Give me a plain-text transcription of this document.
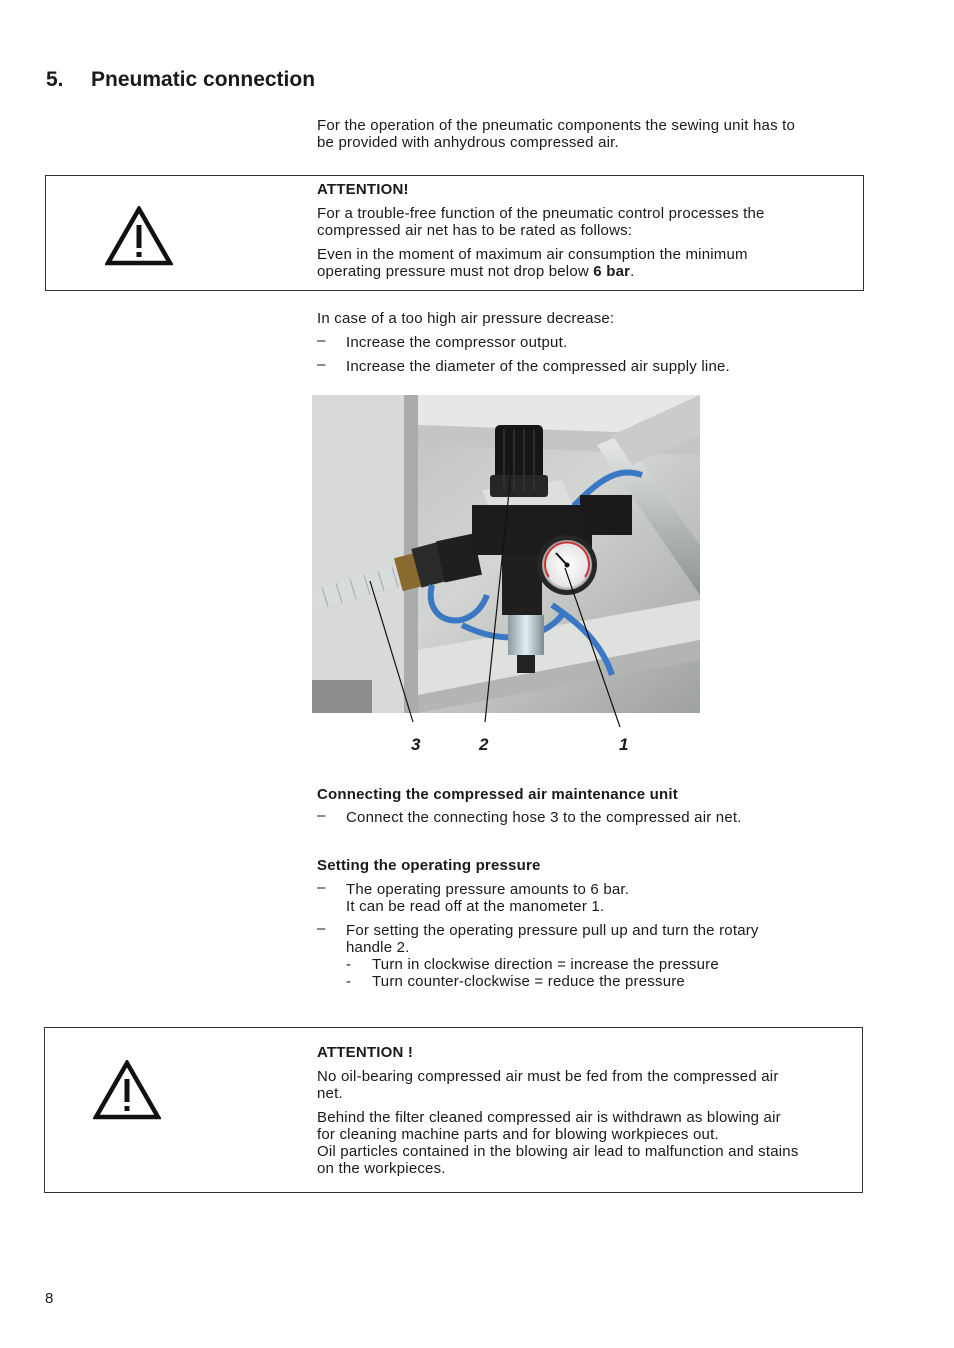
5. Pneumatic connection
For the operation of the pneumatic components the sewing unit has to
be provided with anhydrous compressed air.
ATTENTION!
For a trouble-free function of the pneumatic control processes the
compressed air net has to be rated as follows:
Even in the moment of maximum air consumption the minimum
operating pressure must not drop below 6 bar.
In case of a too high air pressure decrease:
– Increase the compressor output.
– Increase the diameter of the compressed air supply line.
3	2	1
Connecting the compressed air maintenance unit
– Connect the connecting hose 3 to the compressed air net.
Setting the operating pressure
– The operating pressure amounts to 6 bar.
It can be read off at the manometer 1.
– For setting the operating pressure pull up and turn the rotary
handle 2.
- Turn in clockwise direction = increase the pressure
- Turn counter-clockwise = reduce the pressure
ATTENTION !
No oil-bearing compressed air must be fed from the compressed air
net.
Behind the filter cleaned compressed air is withdrawn as blowing air
for cleaning machine parts and for blowing workpieces out.
Oil particles contained in the blowing air lead to malfunction and stains
on the workpieces.
8
